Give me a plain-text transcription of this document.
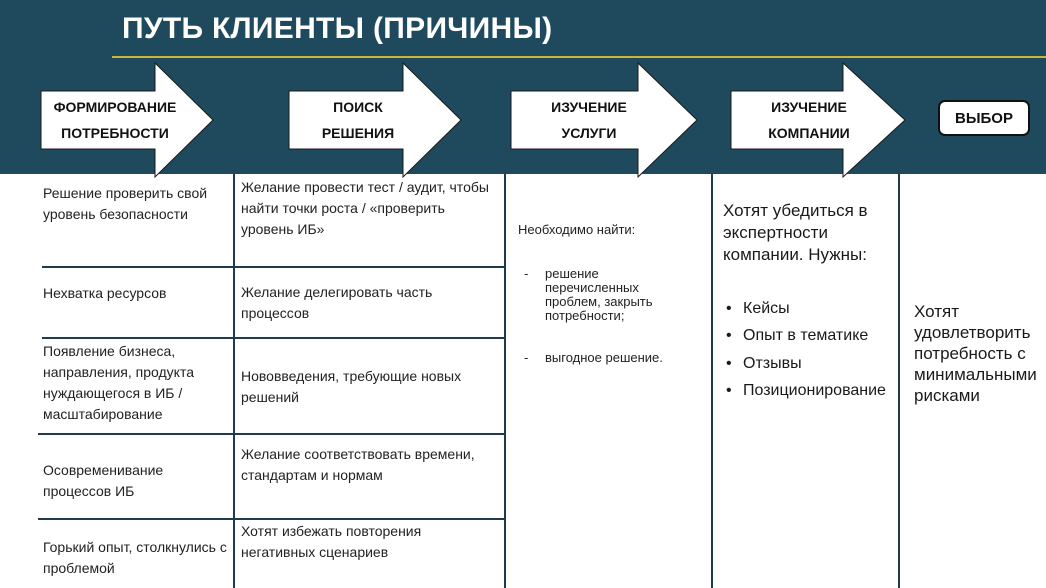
ПУТЬ КЛИЕНТЫ (ПРИЧИНЫ)
ФОРМИРОВАНИЕ
ПОТРЕБНОСТИ
ПОИСК
РЕШЕНИЯ
ИЗУЧЕНИЕ
УСЛУГИ
ИЗУЧЕНИЕ
КОМПАНИИ
ВЫБОР
Решение проверить свой уровень безопасности
Нехватка ресурсов
Появление бизнеса, направления, продукта нуждающегося в ИБ / масштабирование
Осовременивание процессов ИБ
Горький опыт, столкнулись с проблемой
Желание провести тест / аудит, чтобы найти точки роста / «проверить уровень ИБ»
Желание делегировать часть процессов
Нововведения, требующие новых решений
Желание соответствовать времени, стандартам и нормам
Хотят избежать повторения негативных сценариев
Необходимо найти:
- решение перечисленных проблем, закрыть потребности;
- выгодное решение.
Хотят убедиться в экспертности компании. Нужны:
• Кейсы
• Опыт в тематике
• Отзывы
• Позиционирование
Хотят удовлетворить потребность с минимальными рисками
